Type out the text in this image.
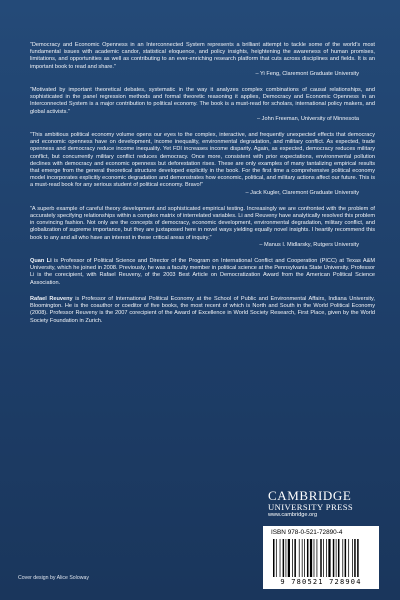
“Democracy and Economic Openness in an Interconnected System represents a brilliant attempt to tackle some of the world’s most fundamental issues with academic candor, statistical eloquence, and policy insights, heightening the awareness of human promises, limitations, and opportunities as well as contributing to an ever-enriching research platform that cuts across disciplines and fields. It is an important book to read and share.”
– Yi Feng, Claremont Graduate University
“Motivated by important theoretical debates, systematic in the way it analyzes complex combinations of causal relationships, and sophisticated in the panel regression methods and formal theoretic reasoning it applies, Democracy and Economic Openness in an Interconnected System is a major contribution to political economy. The book is a must-read for scholars, international policy makers, and global activists.”
– John Freeman, University of Minnesota
“This ambitious political economy volume opens our eyes to the complex, interactive, and frequently unexpected effects that democracy and economic openness have on development, income inequality, environmental degradation, and military conflict. As expected, trade openness and democracy reduce income inequality. Yet FDI increases income disparity. Again, as expected, democracy reduces military conflict, but concurrently military conflict reduces democracy. Once more, consistent with prior expectations, environmental pollution declines with democracy and economic openness but deforestation rises. These are only examples of many tantalizing empirical results that emerge from the general theoretical structure developed explicitly in the book. For the first time a comprehensive political economy model incorporates explicitly economic degradation and demonstrates how economic, political, and military actions affect our future. This is a must-read book for any serious student of political economy. Bravo!”
– Jack Kugler, Claremont Graduate University
“A superb example of careful theory development and sophisticated empirical testing. Increasingly we are confronted with the problem of accurately specifying relationships within a complex matrix of interrelated variables. Li and Reuveny have analytically resolved this problem in convincing fashion. Not only are the concepts of democracy, economic development, environmental degradation, military conflict, and globalization of supreme importance, but they are juxtaposed here in novel ways yielding equally novel insights. I heartily recommend this book to any and all who have an interest in these critical areas of inquiry.”
– Manus I. Midlarsky, Rutgers University
Quan Li is Professor of Political Science and Director of the Program on International Conflict and Cooperation (PICC) at Texas A&M University, which he joined in 2008. Previously, he was a faculty member in political science at the Pennsylvania State University. Professor Li is the corecipient, with Rafael Reuveny, of the 2003 Best Article on Democratization Award from the American Political Science Association.
Rafael Reuveny is Professor of International Political Economy at the School of Public and Environmental Affairs, Indiana University, Bloomington. He is the coauthor or coeditor of five books, the most recent of which is North and South in the World Political Economy (2008). Professor Reuveny is the 2007 corecipient of the Award of Excellence in World Society Research, First Place, given by the World Society Foundation in Zurich.
CAMBRIDGE
UNIVERSITY PRESS
www.cambridge.org
ISBN 978-0-521-72890-4
9 780521 728904
Cover design by Alice Soloway
